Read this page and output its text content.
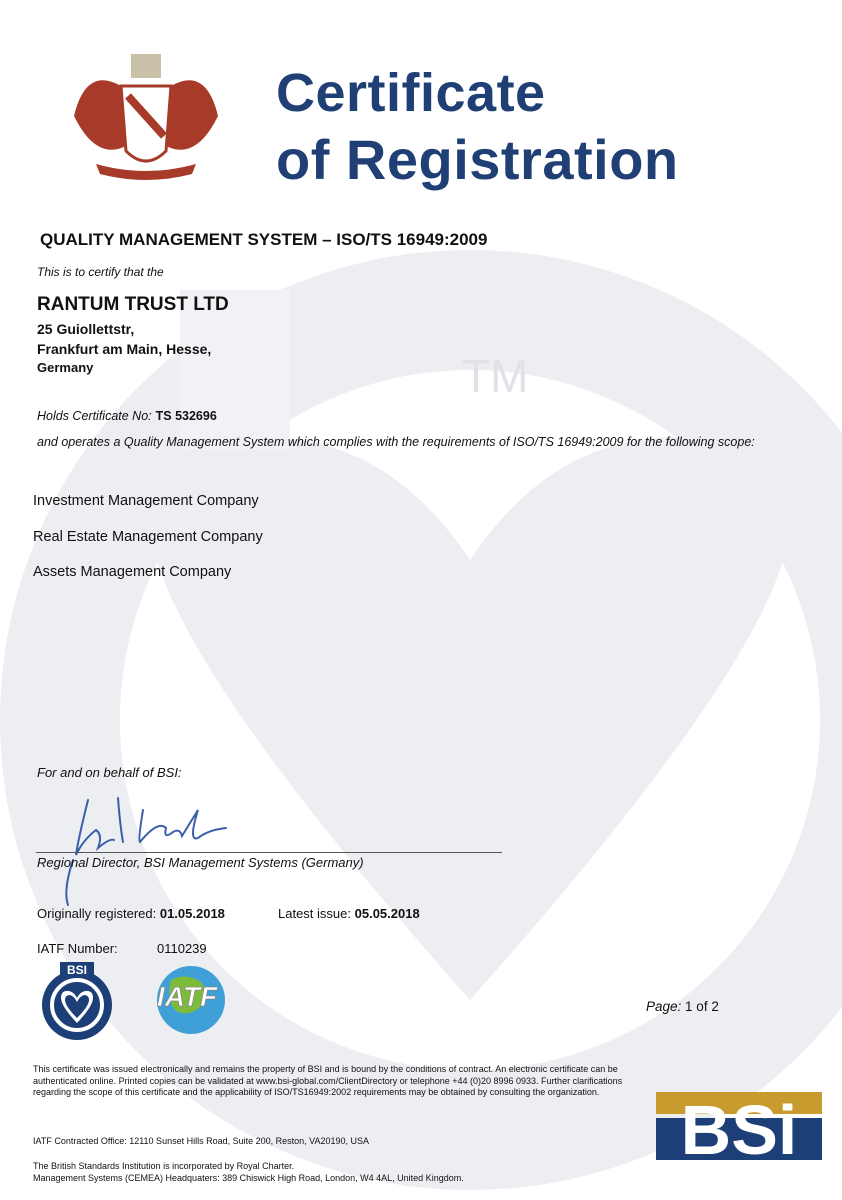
TM
Certificate
of Registration
QUALITY MANAGEMENT SYSTEM – ISO/TS 16949:2009
This is to certify that the
RANTUM TRUST LTD
25 Guiollettstr,
Frankfurt am Main, Hesse,
Germany
Holds Certificate No: TS 532696
and operates a Quality Management System which complies with the requirements of ISO/TS 16949:2009 for the following scope:
Investment Management Company
Real Estate Management Company
Assets Management Company
For and on behalf of BSI:
Regional Director, BSI Management Systems (Germany)
Originally registered: 01.05.2018	Latest issue: 05.05.2018
IATF Number:	0110239
BSI
IATF	Page: 1 of 2
This certificate was issued electronically and remains the property of BSI and is bound by the conditions of contract. An electronic certificate can be authenticated online. Printed copies can be validated at www.bsi-global.com/ClientDirectory or telephone +44 (0)20 8996 0933. Further clarifications regarding the scope of this certificate and the applicability of ISO/TS16949:2002 requirements may be obtained by consulting the organization.
IATF Contracted Office: 12110 Sunset Hills Road, Suite 200, Reston, VA20190, USA
The British Standards Institution is incorporated by Royal Charter.
Management Systems (CEMEA) Headquaters: 389 Chiswick High Road, London, W4 4AL, United Kingdom.
BSi
